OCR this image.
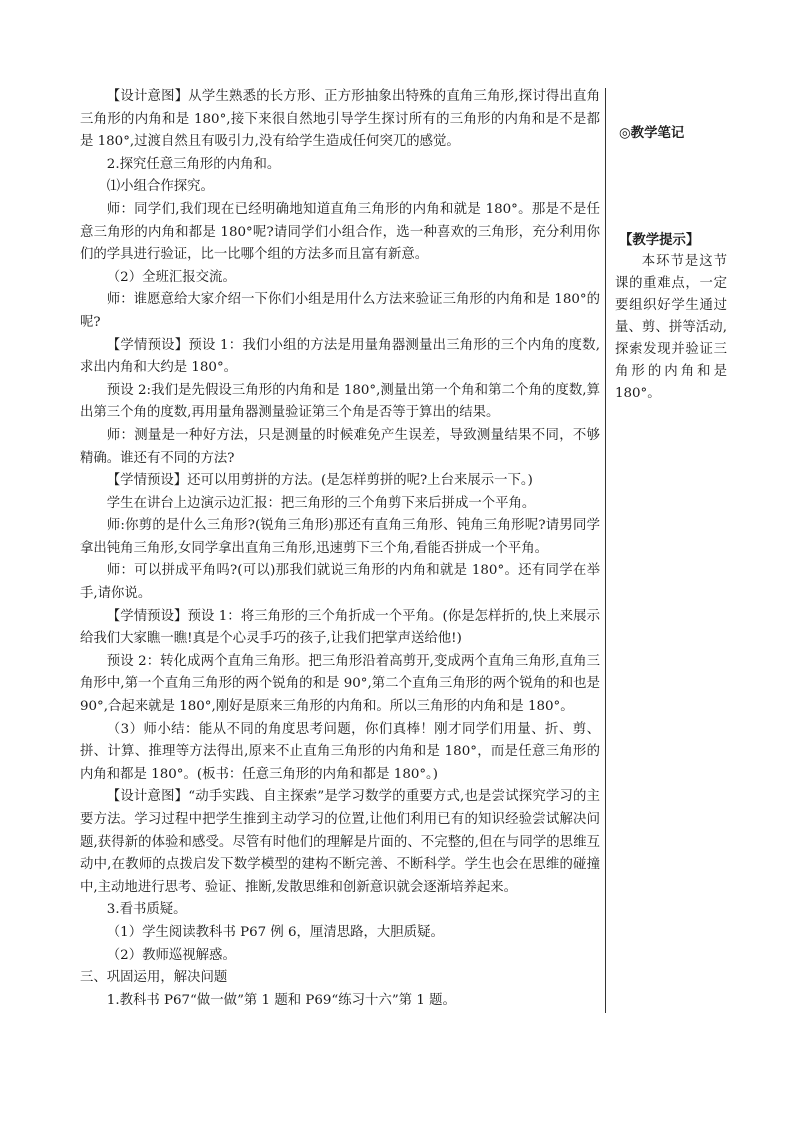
【设计意图】从学生熟悉的长方形、正方形抽象出特殊的直角三角形,探讨得出直角三角形的内角和是 180°,接下来很自然地引导学生探讨所有的三角形的内角和是不是都是 180°,过渡自然且有吸引力,没有给学生造成任何突兀的感觉。

2.探究任意三角形的内角和。

⑴小组合作探究。

师：同学们,我们现在已经明确地知道直角三角形的内角和就是 180°。那是不是任意三角形的内角和都是 180°呢?请同学们小组合作，选一种喜欢的三角形，充分利用你们的学具进行验证，比一比哪个组的方法多而且富有新意。

（2）全班汇报交流。

师：谁愿意给大家介绍一下你们小组是用什么方法来验证三角形的内角和是 180°的呢?

【学情预设】预设 1：我们小组的方法是用量角器测量出三角形的三个内角的度数,求出内角和大约是 180°。

预设 2:我们是先假设三角形的内角和是 180°,测量出第一个角和第二个角的度数,算出第三个角的度数,再用量角器测量验证第三个角是否等于算出的结果。

师：测量是一种好方法，只是测量的时候难免产生误差，导致测量结果不同，不够精确。谁还有不同的方法?

【学情预设】还可以用剪拼的方法。(是怎样剪拼的呢?上台来展示一下。)

学生在讲台上边演示边汇报：把三角形的三个角剪下来后拼成一个平角。

师:你剪的是什么三角形?(锐角三角形)那还有直角三角形、钝角三角形呢?请男同学拿出钝角三角形,女同学拿出直角三角形,迅速剪下三个角,看能否拼成一个平角。

师：可以拼成平角吗?(可以)那我们就说三角形的内角和就是 180°。还有同学在举手,请你说。

【学情预设】预设 1：将三角形的三个角折成一个平角。(你是怎样折的,快上来展示给我们大家瞧一瞧!真是个心灵手巧的孩子,让我们把掌声送给他!)

预设 2：转化成两个直角三角形。把三角形沿着高剪开,变成两个直角三角形,直角三角形中,第一个直角三角形的两个锐角的和是 90°,第二个直角三角形的两个锐角的和也是 90°,合起来就是 180°,刚好是原来三角形的内角和。所以三角形的内角和是 180°。

（3）师小结：能从不同的角度思考问题，你们真棒！刚才同学们用量、折、剪、拼、计算、推理等方法得出,原来不止直角三角形的内角和是 180°，而是任意三角形的内角和都是 180°。(板书：任意三角形的内角和都是 180°。)

【设计意图】“动手实践、自主探索”是学习数学的重要方式,也是尝试探究学习的主要方法。学习过程中把学生推到主动学习的位置,让他们利用已有的知识经验尝试解决问题,获得新的体验和感受。尽管有时他们的理解是片面的、不完整的,但在与同学的思维互动中,在教师的点拨启发下数学模型的建构不断完善、不断科学。学生也会在思维的碰撞中,主动地进行思考、验证、推断,发散思维和创新意识就会逐渐培养起来。

3.看书质疑。

（1）学生阅读教科书 P67 例 6，厘清思路，大胆质疑。

（2）教师巡视解惑。

三、巩固运用，解决问题

1.教科书 P67“做一做”第 1 题和 P69“练习十六”第 1 题。

◎教学笔记
【教学提示】
本环节是这节课的重难点，一定要组织好学生通过量、剪、拼等活动, 探索发现并验证三角形的内角和是180°。
